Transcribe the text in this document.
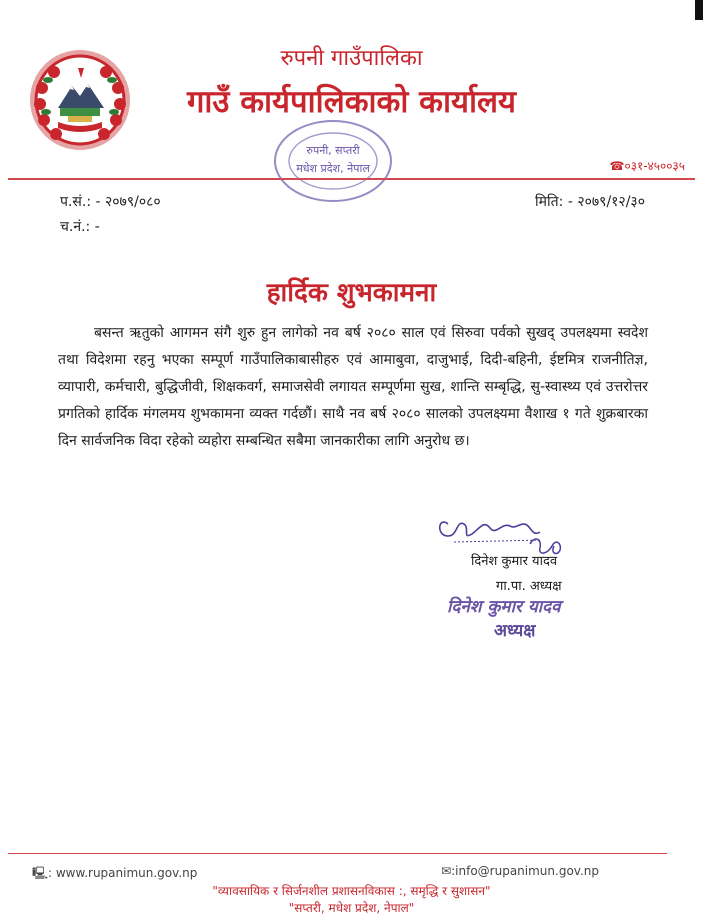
रुपनी गाउँपालिका
गाउँ कार्यपालिकाको कार्यालय
रुपनी, सप्तरी
मधेश प्रदेश, नेपाल	☎०३१-४५००३५
प.सं.: - २०७९/०८०
च.नं.: -
मिति: - २०७९/१२/३०
हार्दिक शुभकामना
बसन्त ऋतुको आगमन संगै शुरु हुन लागेको नव बर्ष २०८० साल एवं सिरुवा पर्वको सुखद् उपलक्ष्यमा स्वदेश तथा विदेशमा रहनु भएका सम्पूर्ण गाउँपालिकाबासीहरु एवं आमाबुवा, दाजुभाई, दिदी-बहिनी, ईष्टमित्र राजनीतिज्ञ, व्यापारी, कर्मचारी, बुद्धिजीवी, शिक्षकवर्ग, समाजसेवी लगायत सम्पूर्णमा सुख, शान्ति सम्बृद्धि, सु-स्वास्थ्य एवं उत्तरोत्तर प्रगतिको हार्दिक मंगलमय शुभकामना व्यक्त गर्दछौं। साथै नव बर्ष २०८० सालको उपलक्ष्यमा वैशाख १ गते शुक्रबारका दिन सार्वजनिक विदा रहेको व्यहोरा सम्बन्धित सबैमा जानकारीका लागि अनुरोध छ।
दिनेश कुमार यादव
गा.पा. अध्यक्ष
दिनेश कुमार यादव
अध्यक्ष
🖳: www.rupanimun.gov.np	✉:info@rupanimun.gov.np
"व्यावसायिक र सिर्जनशील प्रशासनविकास :, समृद्धि र सुशासन"
"सप्तरी, मधेश प्रदेश, नेपाल"
